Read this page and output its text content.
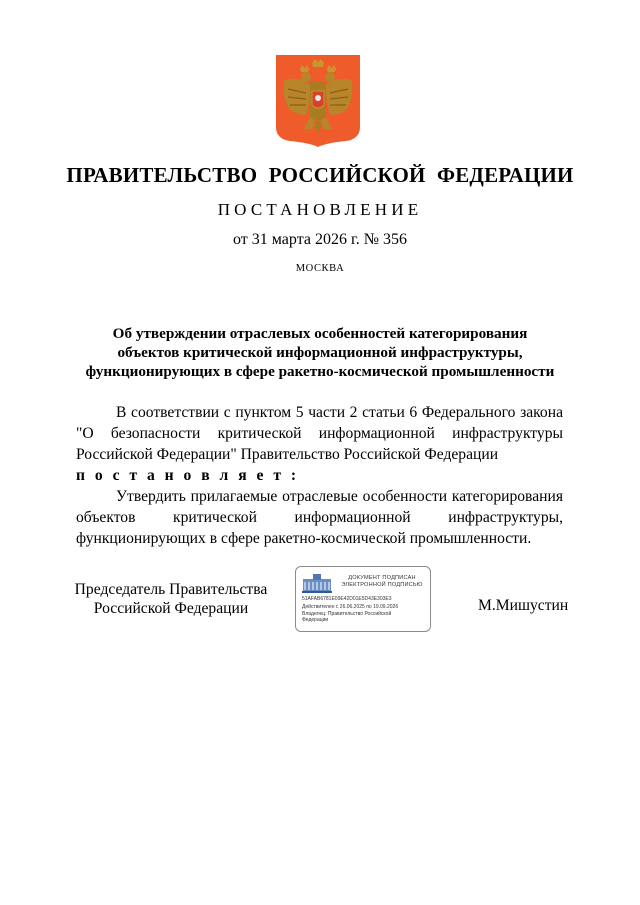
ПРАВИТЕЛЬСТВО РОССИЙСКОЙ ФЕДЕРАЦИИ
ПОСТАНОВЛЕНИЕ
от 31 марта 2026 г. № 356
МОСКВА
Об утверждении отраслевых особенностей категорирования
объектов критической информационной инфраструктуры,
функционирующих в сфере ракетно-космической промышленности

В соответствии с пунктом 5 части 2 статьи 6 Федерального закона "О безопасности критической информационной инфраструктуры Российской Федерации" Правительство Российской Федерации

п о с т а н о в л я е т :

Утвердить прилагаемые отраслевые особенности категорирования объектов критической информационной инфраструктуры, функционирующих в сфере ракетно-космической промышленности.

Председатель Правительства
Российской Федерации
ДОКУМЕНТ ПОДПИСАН
ЭЛЕКТРОННОЙ ПОДПИСЬЮ
51AFAB6781E09E42D01E5D43E303E3
Действителен с 26.06.2025 по 19.09.2026
Владелец: Правительство Российской
Федерации
М.Мишустин
